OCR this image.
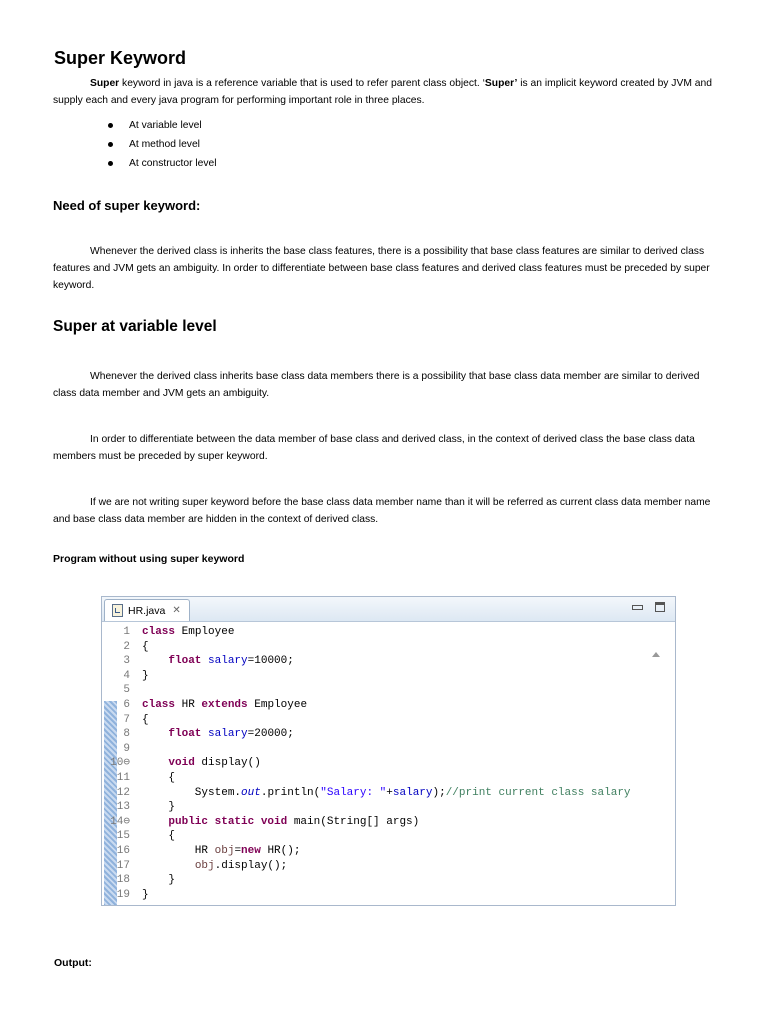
Super Keyword

Super keyword in java is a reference variable that is used to refer parent class object. ‘Super’ is an implicit keyword created by JVM and supply each and every java program for performing important role in three places.

At variable level
At method level
At constructor level
Need of super keyword:

Whenever the derived class is inherits the base class features, there is a possibility that base class features are similar to derived class features and JVM gets an ambiguity. In order to differentiate between base class features and derived class features must be preceded by super keyword.

Super at variable level

Whenever the derived class inherits base class data members there is a possibility that base class data member are similar to derived class data member and JVM gets an ambiguity.

In order to differentiate between the data member of base class and derived class, in the context of derived class the base class data members must be preceded by super keyword.

If we are not writing super keyword before the base class data member name than it will be referred as current class data member name and base class data member are hidden in the context of derived class.

Program without using super keyword
HR.java ✕
1	class Employee
2	{
3	float salary=10000;
4	}
5
6	class HR extends Employee
7	{
8	float salary=20000;
9
10⊖	void display()
11	{
12	System.out.println("Salary: "+salary);//print current class salary
13	}
14⊖	public static void main(String[] args)
15	{
16	HR obj=new HR();
17	obj.display();
18	}
19	}
Output:
